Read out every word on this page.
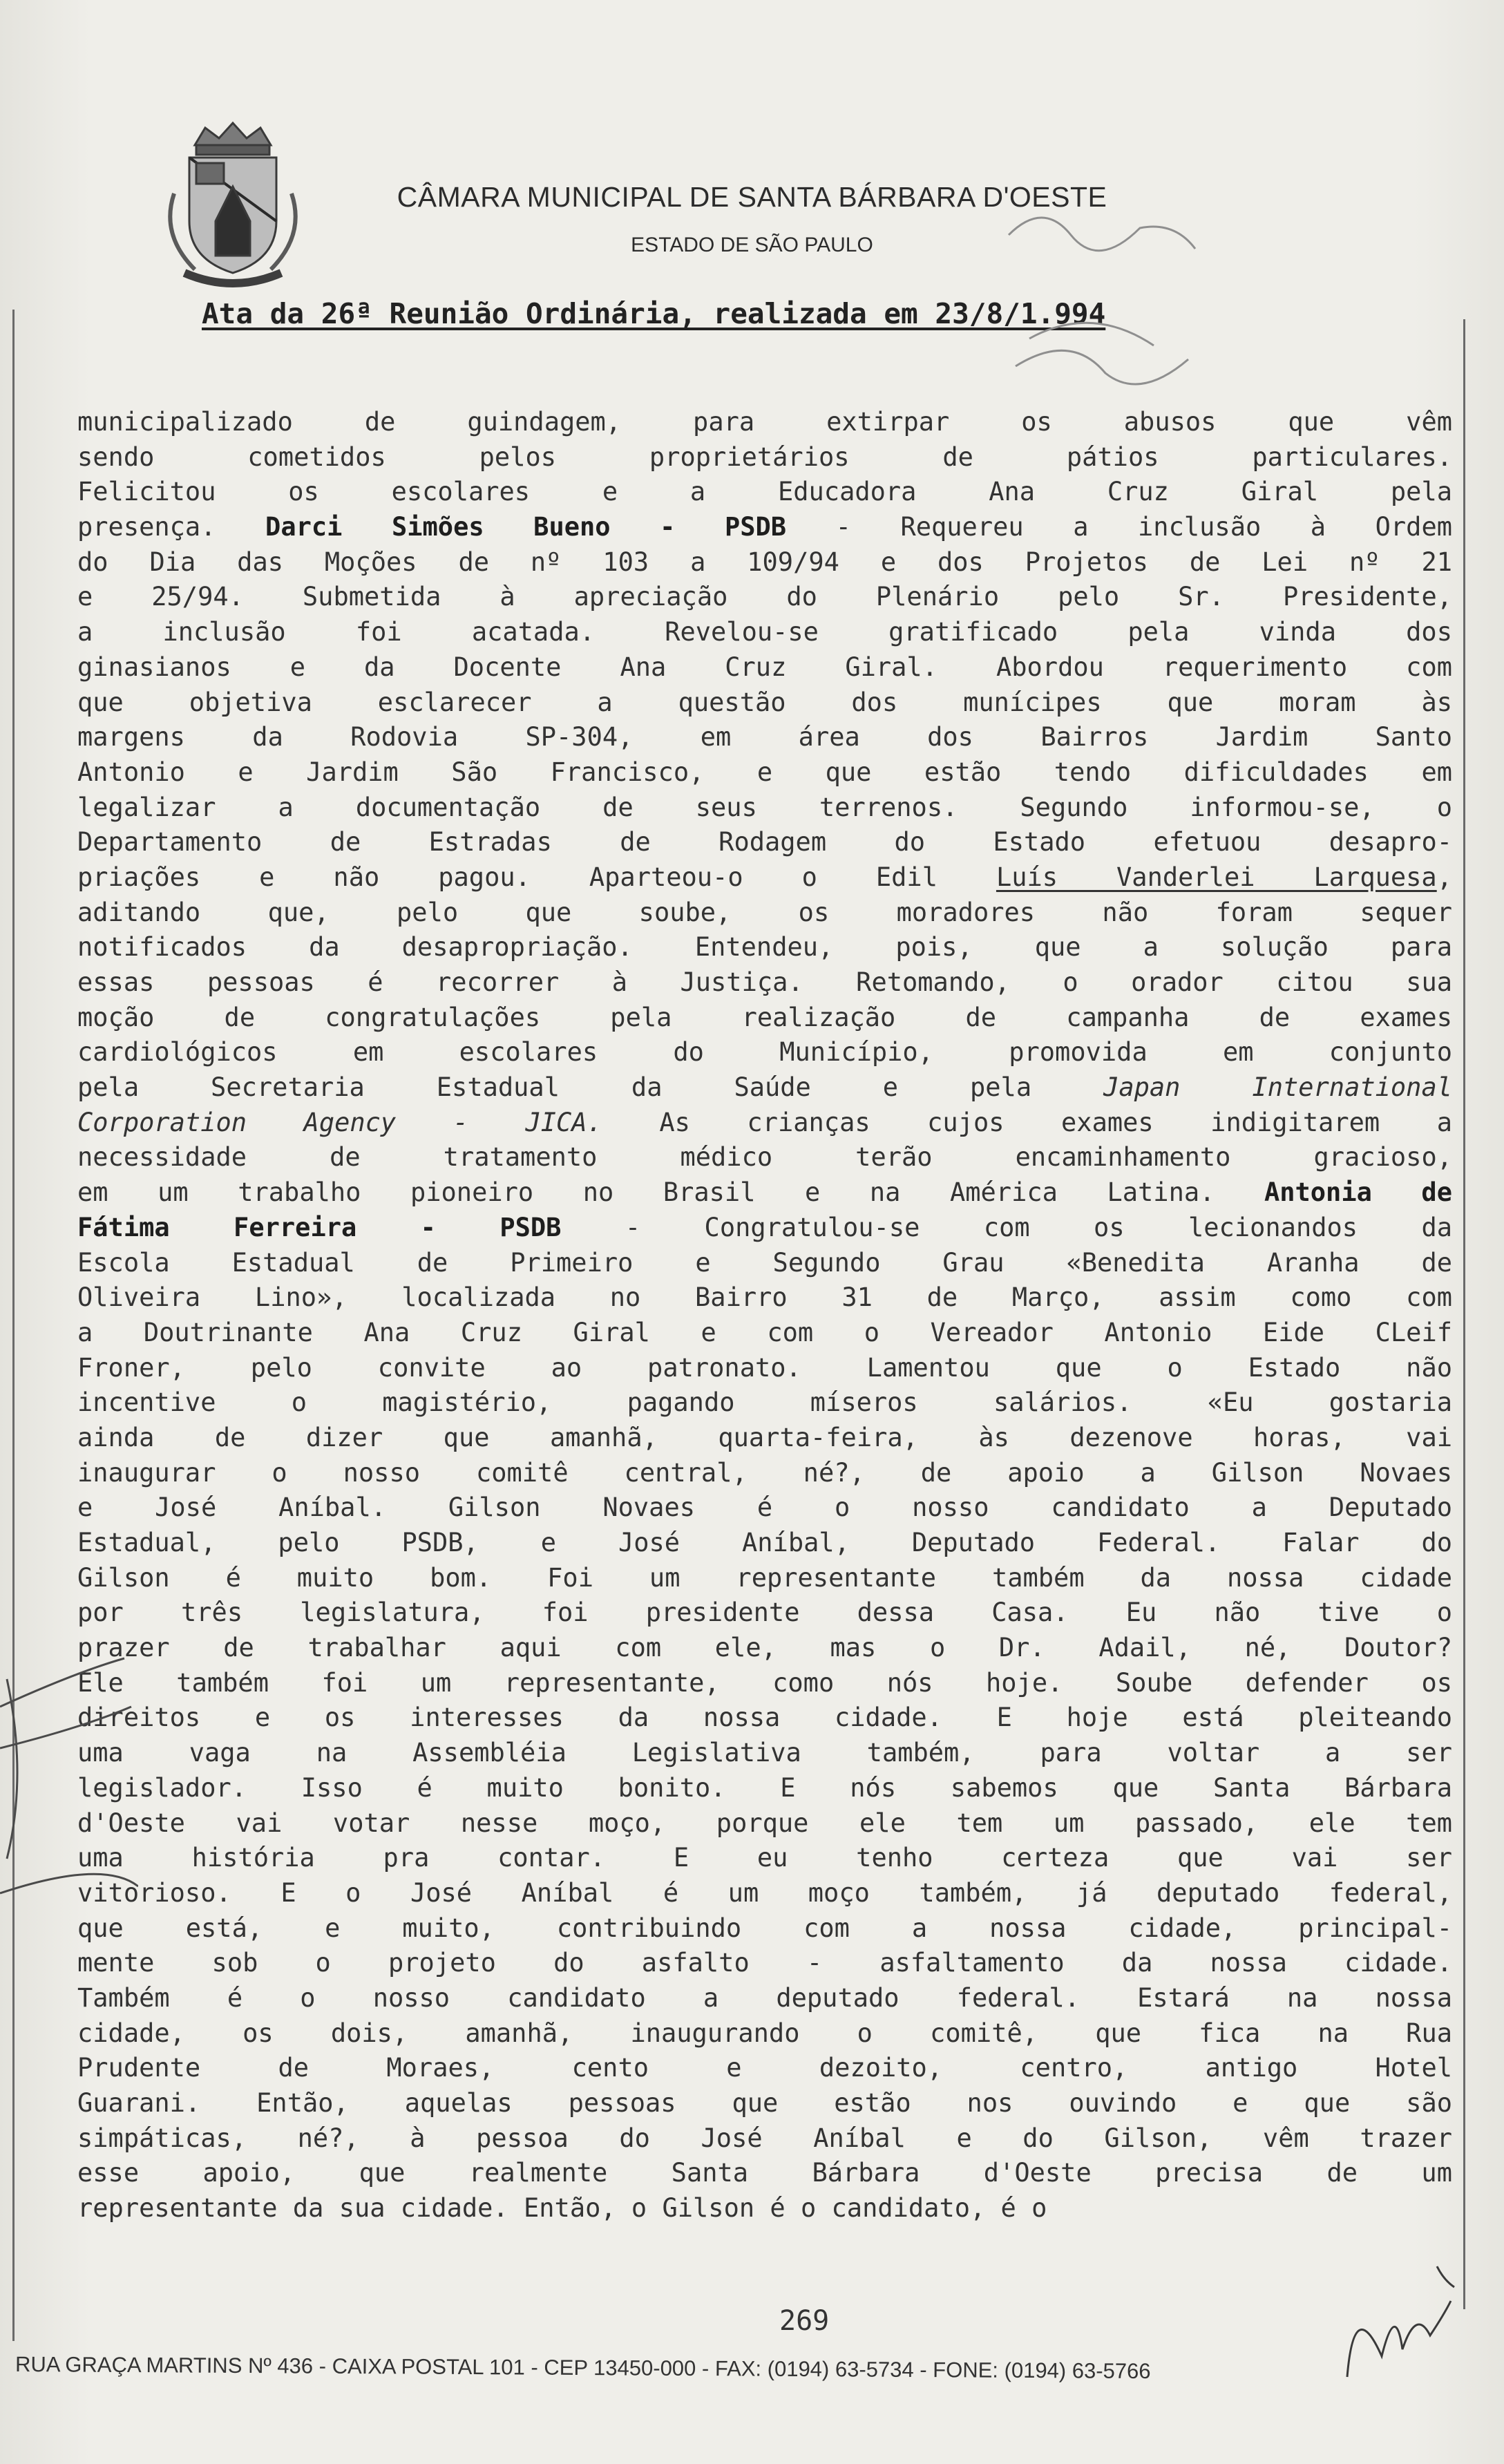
CÂMARA MUNICIPAL DE SANTA BÁRBARA D'OESTE
ESTADO DE SÃO PAULO
Ata da 26ª Reunião Ordinária, realizada em 23/8/1.994
municipalizado de guindagem, para extirpar os abusos que vêm
sendo cometidos pelos proprietários de pátios particulares.
Felicitou os escolares e a Educadora Ana Cruz Giral pela
presença. Darci Simões Bueno - PSDB - Requereu a inclusão à Ordem
do Dia das Moções de nº 103 a 109/94 e dos Projetos de Lei nº 21
e 25/94. Submetida à apreciação do Plenário pelo Sr. Presidente,
a inclusão foi acatada. Revelou-se gratificado pela vinda dos
ginasianos e da Docente Ana Cruz Giral. Abordou requerimento com
que objetiva esclarecer a questão dos munícipes que moram às
margens da Rodovia SP-304, em área dos Bairros Jardim Santo
Antonio e Jardim São Francisco, e que estão tendo dificuldades em
legalizar a documentação de seus terrenos. Segundo informou-se, o
Departamento de Estradas de Rodagem do Estado efetuou desapro-
priações e não pagou. Aparteou-o o Edil Luís Vanderlei Larquesa,
aditando que, pelo que soube, os moradores não foram sequer
notificados da desapropriação. Entendeu, pois, que a solução para
essas pessoas é recorrer à Justiça. Retomando, o orador citou sua
moção de congratulações pela realização de campanha de exames
cardiológicos em escolares do Município, promovida em conjunto
pela Secretaria Estadual da Saúde e pela Japan International
Corporation Agency - JICA. As crianças cujos exames indigitarem a
necessidade de tratamento médico terão encaminhamento gracioso,
em um trabalho pioneiro no Brasil e na América Latina. Antonia de
Fátima Ferreira - PSDB - Congratulou-se com os lecionandos da
Escola Estadual de Primeiro e Segundo Grau «Benedita Aranha de
Oliveira Lino», localizada no Bairro 31 de Março, assim como com
a Doutrinante Ana Cruz Giral e com o Vereador Antonio Eide CLeif
Froner, pelo convite ao patronato. Lamentou que o Estado não
incentive o magistério, pagando míseros salários. «Eu gostaria
ainda de dizer que amanhã, quarta-feira, às dezenove horas, vai
inaugurar o nosso comitê central, né?, de apoio a Gilson Novaes
e José Aníbal. Gilson Novaes é o nosso candidato a Deputado
Estadual, pelo PSDB, e José Aníbal, Deputado Federal. Falar do
Gilson é muito bom. Foi um representante também da nossa cidade
por três legislatura, foi presidente dessa Casa. Eu não tive o
prazer de trabalhar aqui com ele, mas o Dr. Adail, né, Doutor?
Ele também foi um representante, como nós hoje. Soube defender os
direitos e os interesses da nossa cidade. E hoje está pleiteando
uma vaga na Assembléia Legislativa também, para voltar a ser
legislador. Isso é muito bonito. E nós sabemos que Santa Bárbara
d'Oeste vai votar nesse moço, porque ele tem um passado, ele tem
uma história pra contar. E eu tenho certeza que vai ser
vitorioso. E o José Aníbal é um moço também, já deputado federal,
que está, e muito, contribuindo com a nossa cidade, principal-
mente sob o projeto do asfalto - asfaltamento da nossa cidade.
Também é o nosso candidato a deputado federal. Estará na nossa
cidade, os dois, amanhã, inaugurando o comitê, que fica na Rua
Prudente de Moraes, cento e dezoito, centro, antigo Hotel
Guarani. Então, aquelas pessoas que estão nos ouvindo e que são
simpáticas, né?, à pessoa do José Aníbal e do Gilson, vêm trazer
esse apoio, que realmente Santa Bárbara d'Oeste precisa de um
representante da sua cidade. Então, o Gilson é o candidato, é o
269
RUA GRAÇA MARTINS Nº 436 - CAIXA POSTAL 101 - CEP 13450-000 - FAX: (0194) 63-5734 - FONE: (0194) 63-5766
